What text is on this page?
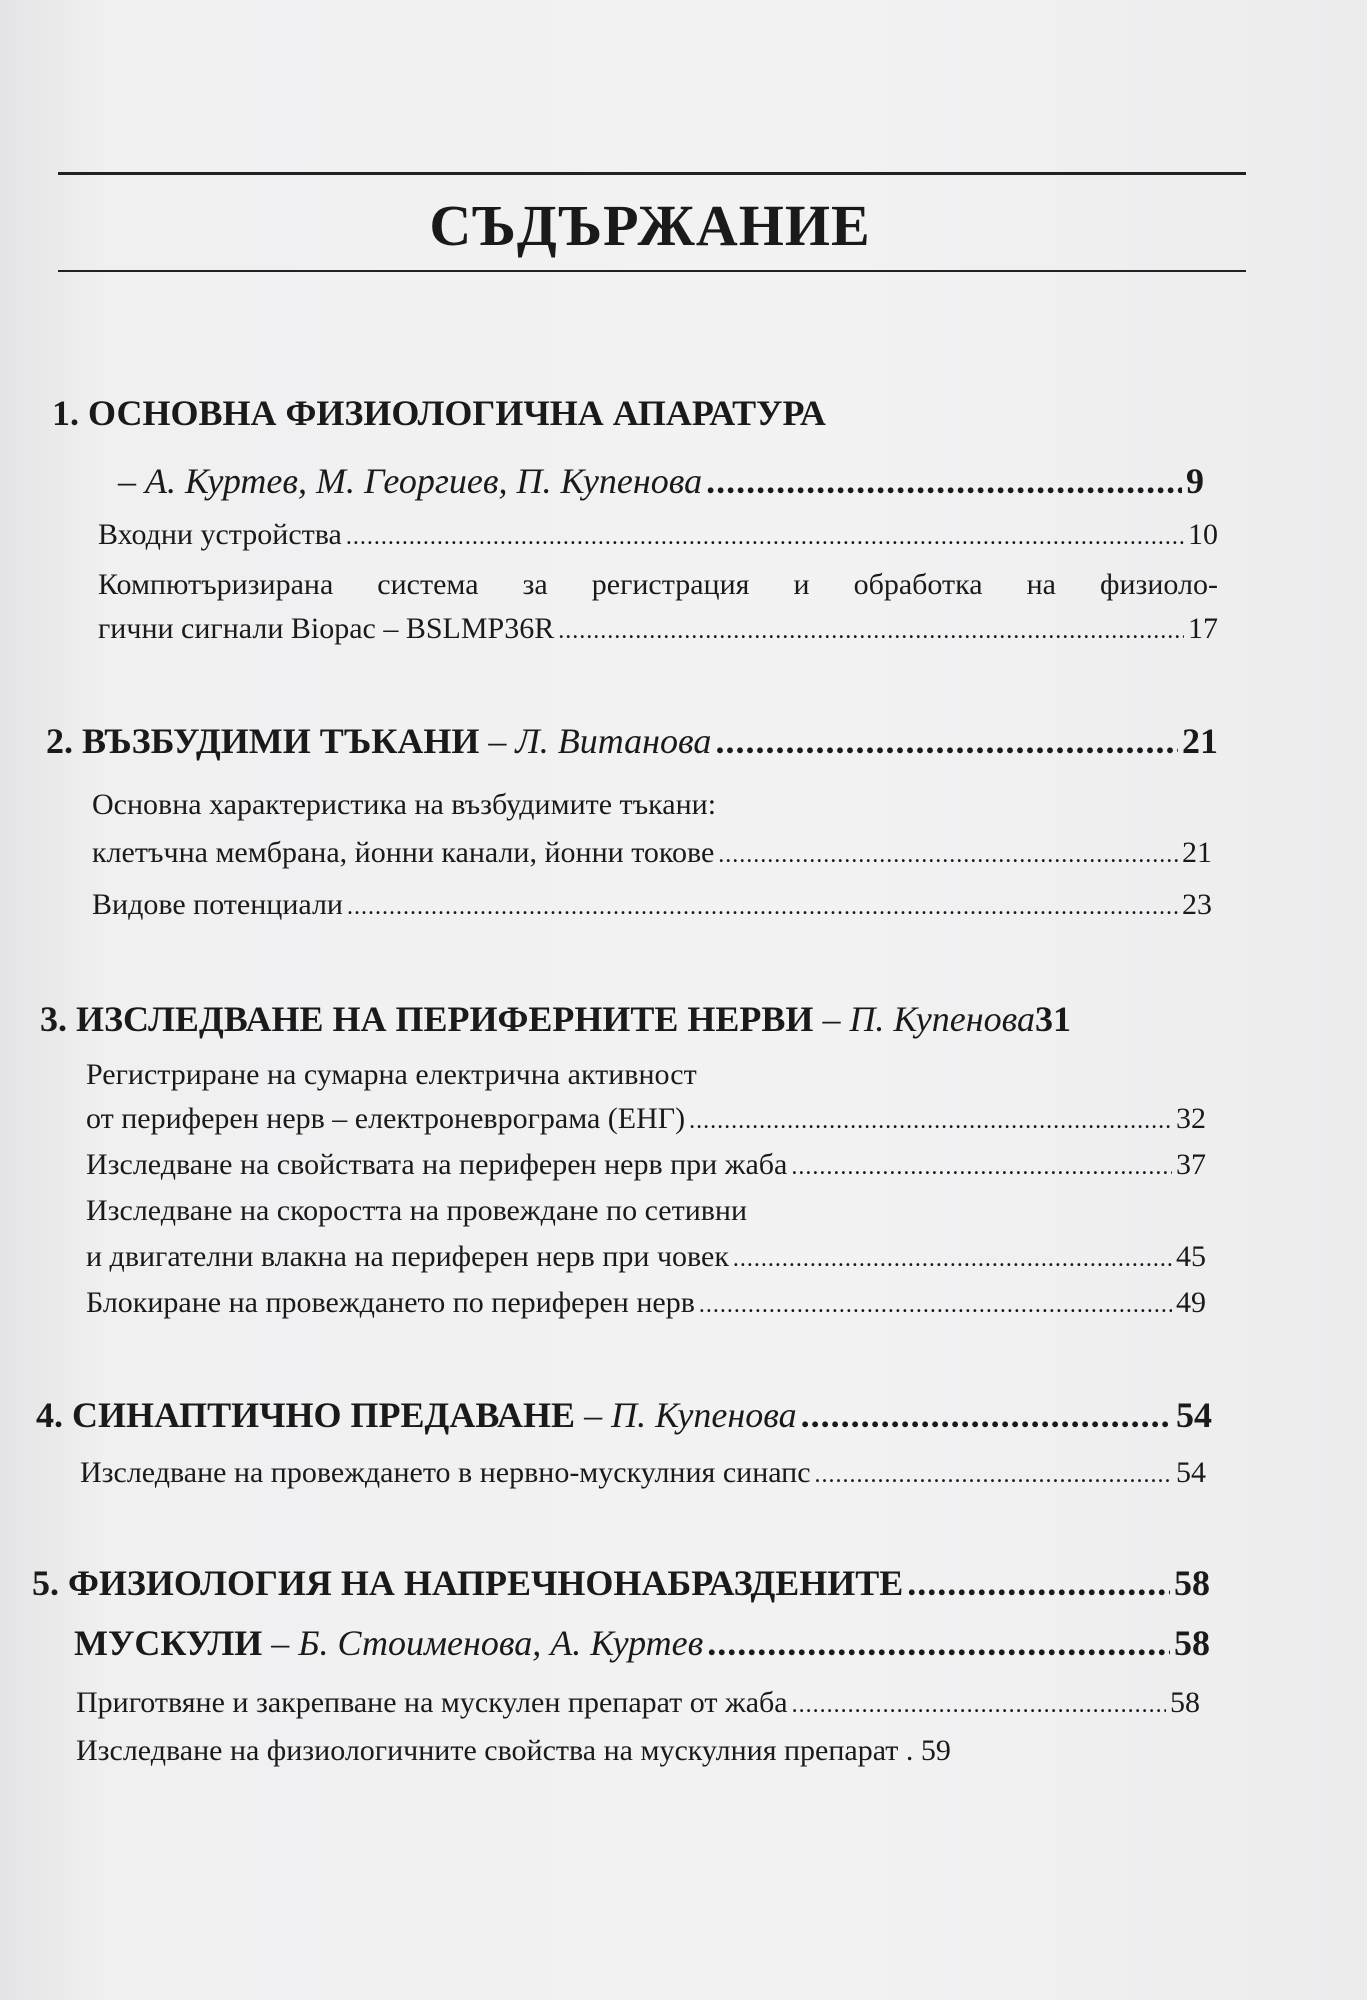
СЪДЪРЖАНИЕ
1.
ОСНОВНА ФИЗИОЛОГИЧНА АПАРАТУРА
– А. Куртев, М. Георгиев, П. Купенова .....	9
Входни устройства .....	10
Компютъризирана система за регистрация и обработка на физиоло-
гични сигнали Biopac – BSLMP36R .....	17
2.
ВЪЗБУДИМИ ТЪКАНИ
– Л. Витанова .....	21
Основна характеристика на възбудимите тъкани:
клетъчна мембрана, йонни канали, йонни токове .....	21
Видове потенциали .....	23
3.
ИЗСЛЕДВАНЕ НА ПЕРИФЕРНИТЕ НЕРВИ
– П. Купенова 31
Регистриране на сумарна електрична активност
от периферен нерв – електроневрограма (ЕНГ) .....	32
Изследване на свойствата на периферен нерв при жаба .....	37
Изследване на скоростта на провеждане по сетивни
и двигателни влакна на периферен нерв при човек .....	45
Блокиране на провеждането по периферен нерв .....	49
4.
СИНАПТИЧНО ПРЕДАВАНЕ
– П. Купенова .....	54
Изследване на провеждането в нервно-мускулния синапс .....	54
5.
ФИЗИОЛОГИЯ НА НАПРЕЧНОНАБРАЗДЕНИТЕ .....	58
МУСКУЛИ
– Б. Стоименова, А. Куртев .....	58
Приготвяне и закрепване на мускулен препарат от жаба .....	58
Изследване на физиологичните свойства на мускулния препарат . 59
